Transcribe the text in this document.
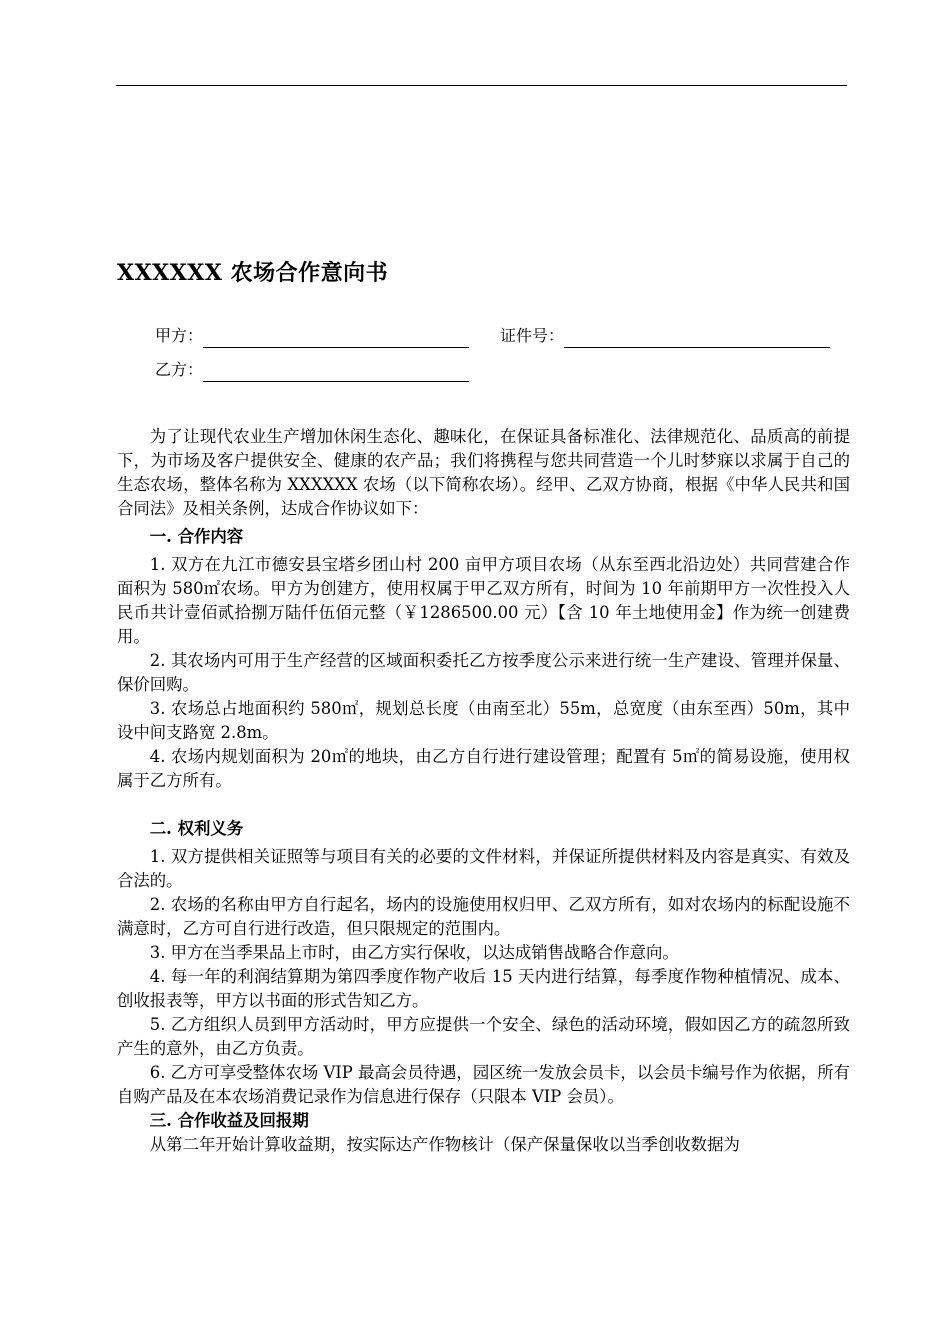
XXXXXX 农场合作意向书
甲方：	证件号：
乙方：

为了让现代农业生产增加休闲生态化、趣味化，在保证具备标准化、法律规范化、品质高的前提下，为市场及客户提供安全、健康的农产品；我们将携程与您共同营造一个儿时梦寐以求属于自己的生态农场，整体名称为 XXXXXX 农场（以下简称农场）。经甲、乙双方协商，根据《中华人民共和国合同法》及相关条例，达成合作协议如下：

一. 合作内容

1. 双方在九江市德安县宝塔乡团山村 200 亩甲方项目农场（从东至西北沿边处）共同营建合作面积为 580㎡农场。甲方为创建方，使用权属于甲乙双方所有，时间为 10 年前期甲方一次性投入人民币共计壹佰贰拾捌万陆仟伍佰元整（￥1286500.00 元）【含 10 年土地使用金】作为统一创建费用。

2. 其农场内可用于生产经营的区域面积委托乙方按季度公示来进行统一生产建设、管理并保量、保价回购。

3. 农场总占地面积约 580㎡，规划总长度（由南至北）55m，总宽度（由东至西）50m，其中设中间支路宽 2.8m。

4. 农场内规划面积为 20㎡的地块，由乙方自行进行建设管理；配置有 5㎡的简易设施，使用权属于乙方所有。

二. 权利义务

1. 双方提供相关证照等与项目有关的必要的文件材料，并保证所提供材料及内容是真实、有效及合法的。

2. 农场的名称由甲方自行起名，场内的设施使用权归甲、乙双方所有，如对农场内的标配设施不满意时，乙方可自行进行改造，但只限规定的范围内。

3. 甲方在当季果品上市时，由乙方实行保收，以达成销售战略合作意向。

4. 每一年的利润结算期为第四季度作物产收后 15 天内进行结算，每季度作物种植情况、成本、创收报表等，甲方以书面的形式告知乙方。

5. 乙方组织人员到甲方活动时，甲方应提供一个安全、绿色的活动环境，假如因乙方的疏忽所致产生的意外，由乙方负责。

6. 乙方可享受整体农场 VIP 最高会员待遇，园区统一发放会员卡，以会员卡编号作为依据，所有自购产品及在本农场消费记录作为信息进行保存（只限本 VIP 会员）。

三. 合作收益及回报期

从第二年开始计算收益期，按实际达产作物核计（保产保量保收以当季创收数据为
